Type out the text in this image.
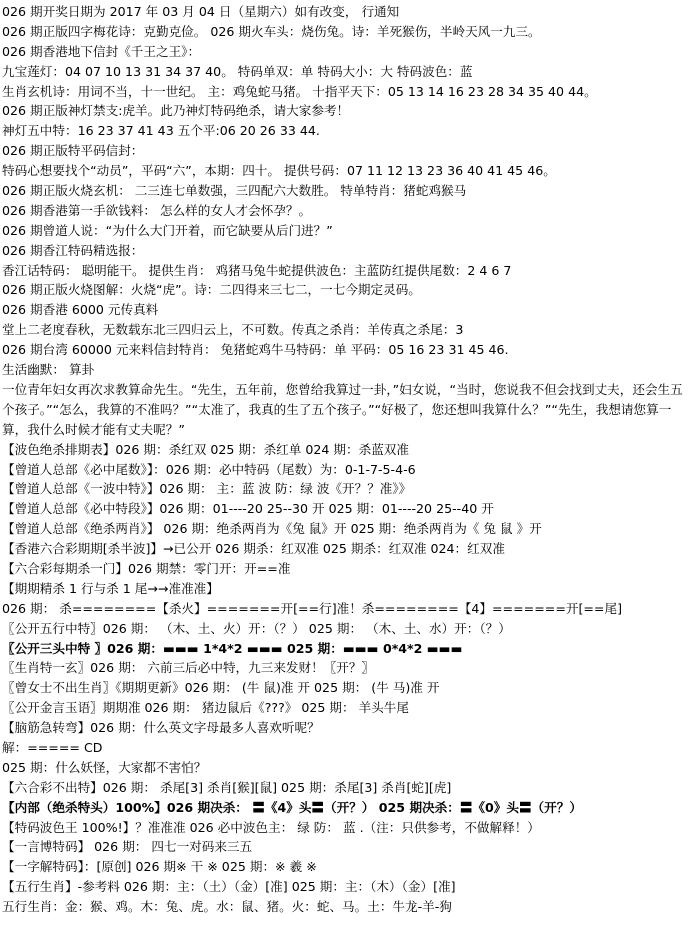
026 期开奖日期为 2017 年 03 月 04 日（星期六）如有改变， 行通知
026 期正版四字梅花诗：克勤克俭。 026 期火车头：烧伤兔。诗：羊死猴伤，半岭天风一九三。
026 期香港地下信封《千王之王》：
九宝莲灯：04 07 10 13 31 34 37 40。 特码单双：单 特码大小：大 特码波色：蓝
生肖玄机诗：用词不当，十一世纪。 主：鸡兔蛇马猪。 十指平天下：05 13 14 16 23 28 34 35 40 44。
026 期正版神灯禁支:虎羊。此乃神灯特码绝杀，请大家参考！
神灯五中特：16 23 37 41 43 五个平:06 20 26 33 44.
026 期正版特平码信封：
特码心想要找个“动员”，平码“六”，本期：四十。 提供号码：07 11 12 13 23 36 40 41 45 46。
026 期正版火烧玄机： 二三连七单数强，三四配六大数胜。 特单特肖：猪蛇鸡猴马
026 期香港第一手欲钱料： 怎么样的女人才会怀孕？。
026 期曾道人说：“为什么大门开着，而它缺要从后门进？”
026 期香江特码精选报：
香江话特码： 聪明能干。 提供生肖： 鸡猪马兔牛蛇提供波色：主蓝防红提供尾数：2 4 6 7
026 期正版火烧图解：火烧“虎”。诗：二四得来三七二，一七今期定灵码。
026 期香港 6000 元传真料
堂上二老度春秋，无数载东北三四归云上，不可数。传真之杀肖：羊传真之杀尾：3
026 期台湾 60000 元来料信封特肖： 兔猪蛇鸡牛马特码：单 平码：05 16 23 31 45 46.
生活幽默： 算卦
一位青年妇女再次求教算命先生。“先生，五年前，您曾给我算过一卦，”妇女说，“当时，您说我不但会找到丈夫，还会生五个孩子。”“怎么，我算的不准吗？”“太准了，我真的生了五个孩子。”“好极了，您还想叫我算什么？”“先生，我想请您算一算，我什么时候才能有丈夫呢？”
【波色绝杀排期表】026 期：杀红双 025 期：杀红单 024 期：杀蓝双准
【曾道人总部《必中尾数》】：026 期：必中特码（尾数）为：0-1-7-5-4-6
【曾道人总部《一波中特》】026 期： 主：蓝 波 防：绿 波《开？？准》》
【曾道人总部《必中特段》】026 期：01----20 25--30 开 025 期：01----20 25--40 开
【曾道人总部《绝杀两肖》】 026 期：绝杀两肖为《兔 鼠》开 025 期：绝杀两肖为《 兔 鼠 》开
【香港六合彩期期[杀半波]】→已公开 026 期杀：红双准 025 期杀：红双准 024：红双准
【六合彩每期杀一门】026 期禁：零门开：开==准
【期期精杀 1 行与杀 1 尾→→准准准】
026 期： 杀========【杀火】=======开[==行]准！杀========【4】=======开[==尾]
〖公开五行中特〗026 期： （木、土、火）开：（？） 025 期： （木、土、水）开：（？）
〖公开三头中特 〗026 期：▬▬▬ 1*4*2 ▬▬▬ 025 期：▬▬▬ 0*4*2 ▬▬▬
〖生肖特一玄〗026 期： 六前三后必中特，九三来发财！〖开？〗
〖曾女士不出生肖〗《期期更新》026 期： (牛 鼠)准 开 025 期： (牛 马)准 开
〖公开金言玉语〗期期准 026 期： 猪边鼠后《???》 025 期： 羊头牛尾
【脑筋急转弯】026 期：什么英文字母最多人喜欢听呢？
解：===== CD
025 期：什么妖怪，大家都不害怕？
【六合彩不出特】026 期： 杀尾[3] 杀肖[猴][鼠] 025 期：杀尾[3] 杀肖[蛇][虎]
【内部（绝杀特头）100%】026 期决杀： 〓《4》头〓（开？） 025 期决杀：〓《0》头〓（开？）
【特码波色王 100%!】？准准准 026 必中波色主： 绿 防： 蓝 .（注：只供参考，不做解释！）
【一言博特码】 026 期： 四七一对码来三五
【一字解特码】：[原创] 026 期※ 干 ※ 025 期：※ 羲 ※
【五行生肖】-参考料 026 期：主：（土）（金）[准] 025 期：主：（木）（金）[准]
五行生肖：金：猴、鸡。木：兔、虎。水：鼠、猪。火：蛇、马。土：牛龙-羊-狗
